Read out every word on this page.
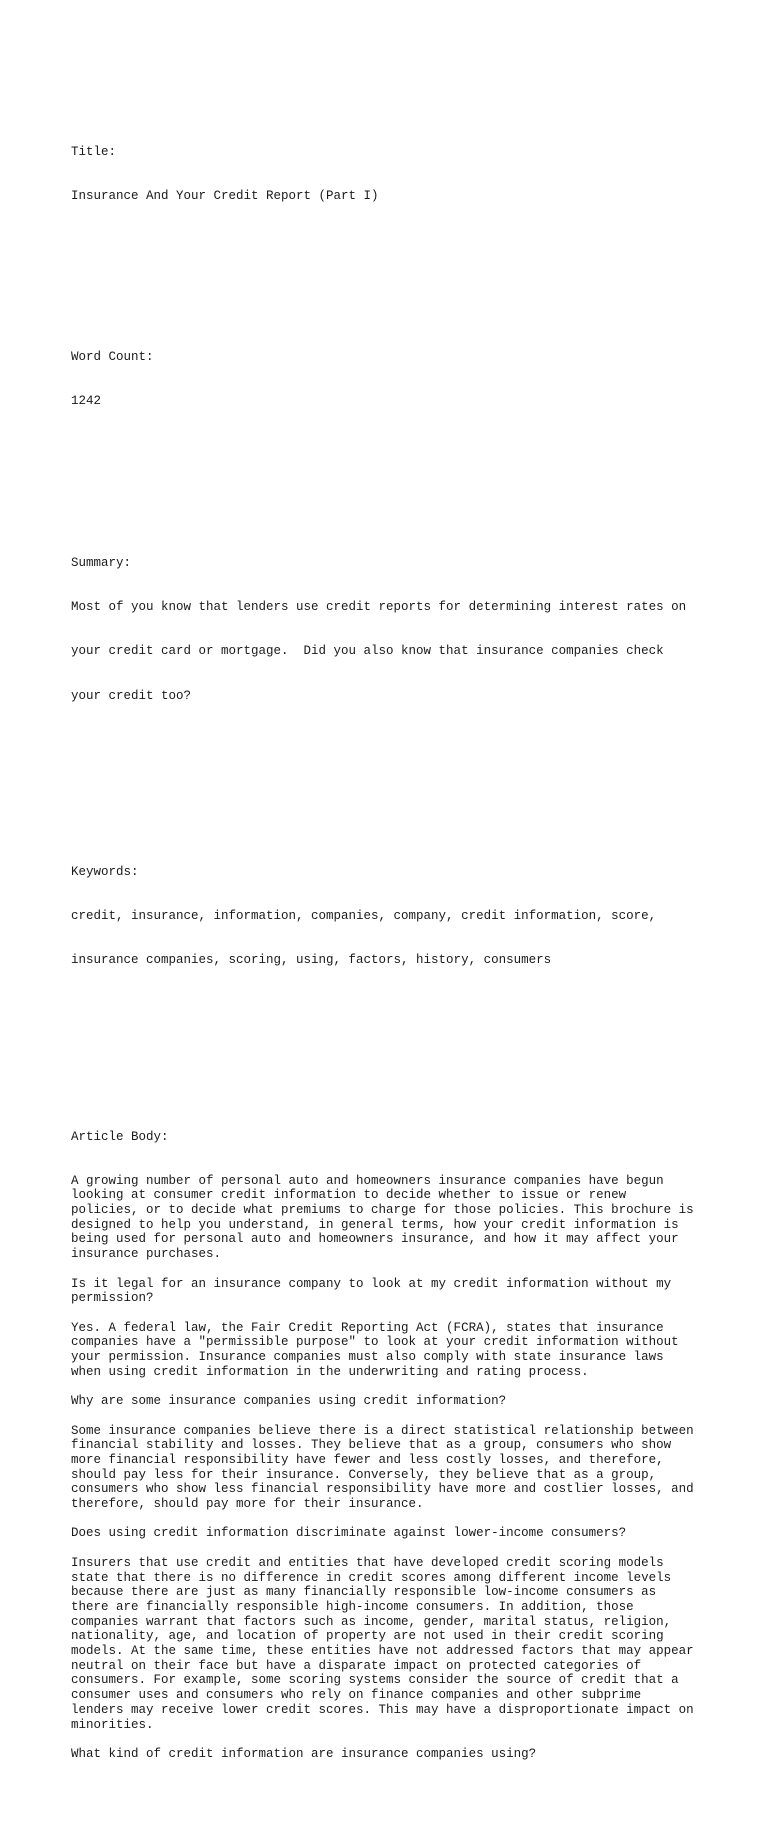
Title:

Insurance And Your Credit Report (Part I)

Word Count:

1242

Summary:

Most of you know that lenders use credit reports for determining interest rates on

your credit card or mortgage.  Did you also know that insurance companies check

your credit too?

Keywords:

credit, insurance, information, companies, company, credit information, score,

insurance companies, scoring, using, factors, history, consumers

Article Body:

A growing number of personal auto and homeowners insurance companies have begun
looking at consumer credit information to decide whether to issue or renew
policies, or to decide what premiums to charge for those policies. This brochure is
designed to help you understand, in general terms, how your credit information is
being used for personal auto and homeowners insurance, and how it may affect your
insurance purchases.
Is it legal for an insurance company to look at my credit information without my
permission?
Yes. A federal law, the Fair Credit Reporting Act (FCRA), states that insurance
companies have a "permissible purpose" to look at your credit information without
your permission. Insurance companies must also comply with state insurance laws
when using credit information in the underwriting and rating process.
Why are some insurance companies using credit information?
Some insurance companies believe there is a direct statistical relationship between
financial stability and losses. They believe that as a group, consumers who show
more financial responsibility have fewer and less costly losses, and therefore,
should pay less for their insurance. Conversely, they believe that as a group,
consumers who show less financial responsibility have more and costlier losses, and
therefore, should pay more for their insurance.
Does using credit information discriminate against lower-income consumers?
Insurers that use credit and entities that have developed credit scoring models
state that there is no difference in credit scores among different income levels
because there are just as many financially responsible low-income consumers as
there are financially responsible high-income consumers. In addition, those
companies warrant that factors such as income, gender, marital status, religion,
nationality, age, and location of property are not used in their credit scoring
models. At the same time, these entities have not addressed factors that may appear
neutral on their face but have a disparate impact on protected categories of
consumers. For example, some scoring systems consider the source of credit that a
consumer uses and consumers who rely on finance companies and other subprime
lenders may receive lower credit scores. This may have a disproportionate impact on
minorities.
What kind of credit information are insurance companies using?
